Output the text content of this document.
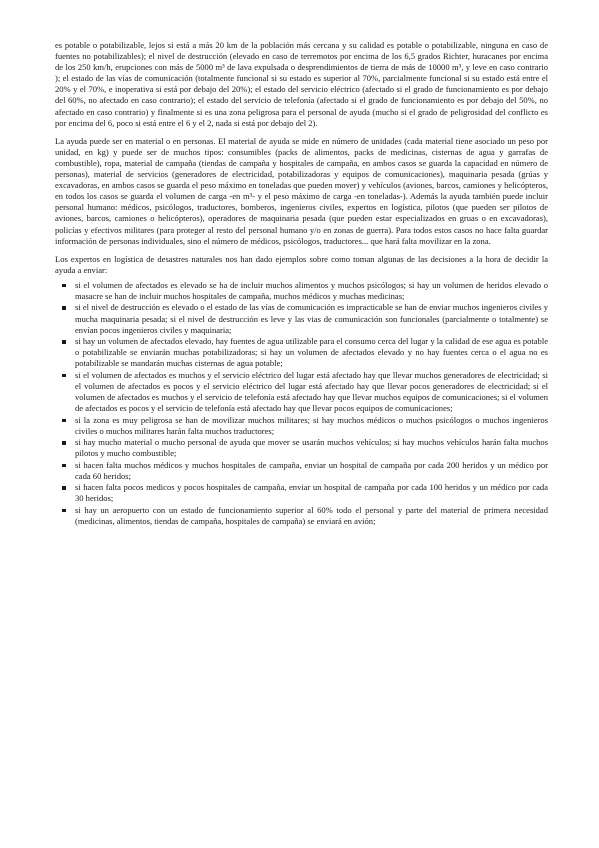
es potable o potabilizable, lejos si está a más 20 km de la población más cercana y su calidad es potable o potabilizable, ninguna en caso de fuentes no potabilizables); el nivel de destrucción (elevado en caso de terremotos por encima de los 6,5 grados Richter, huracanes por encima de los 250 km/h, erupciones con más de 5000 m³ de lava expulsada o desprendimientos de tierra de más de 10000 m³, y leve en caso contrario ); el estado de las vías de comunicación (totalmente funcional si su estado es superior al 70%, parcialmente funcional si su estado está entre el 20% y el 70%, e inoperativa si está por debajo del 20%); el estado del servicio eléctrico (afectado si el grado de funcionamiento es por debajo del 60%, no afectado en caso contrario); el estado del servicio de telefonía (afectado si el grado de funcionamiento es por debajo del 50%, no afectado en caso contrario) y finalmente si es una zona peligrosa para el personal de ayuda (mucho si el grado de peligrosidad del conflicto es por encima del 6, poco si está entre el 6 y el 2, nada si está por debajo del 2).

La ayuda puede ser en material o en personas. El material de ayuda se mide en número de unidades (cada material tiene asociado un peso por unidad, en kg) y puede ser de muchos tipos: consumibles (packs de alimentos, packs de medicinas, cisternas de agua y garrafas de combustible), ropa, material de campaña (tiendas de campaña y hospitales de campaña, en ambos casos se guarda la capacidad en número de personas), material de servicios (generadores de electricidad, potabilizadoras y equipos de comunicaciones), maquinaria pesada (grúas y excavadoras, en ambos casos se guarda el peso máximo en toneladas que pueden mover) y vehículos (aviones, barcos, camiones y helicópteros, en todos los casos se guarda el volumen de carga -en m³- y el peso máximo de carga -en toneladas-). Además la ayuda también puede incluir personal humano: médicos, psicólogos, traductores, bomberos, ingenieros civiles, expertos en logística, pilotos (que pueden ser pilotos de aviones, barcos, camiones o helicópteros), operadores de maquinaria pesada (que pueden estar especializados en gruas o en excavadoras), policías y efectivos militares (para proteger al resto del personal humano y/o en zonas de guerra). Para todos estos casos no hace falta guardar información de personas individuales, sino el número de médicos, psicólogos, traductores... que hará falta movilizar en la zona.

Los expertos en logística de desastres naturales nos han dado ejemplos sobre como toman algunas de las decisiones a la hora de decidir la ayuda a enviar:

si el volumen de afectados es elevado se ha de incluir muchos alimentos y muchos psicólogos; si hay un volumen de heridos elevado o masacre se han de incluir muchos hospitales de campaña, muchos médicos y muchas medicinas;
si el nivel de destrucción es elevado o el estado de las vías de comunicación es impracticable se han de enviar muchos ingenieros civiles y mucha maquinaria pesada; si el nivel de destrucción es leve y las vias de comunicación son funcionales (parcialmente o totalmente) se envían pocos ingenieros civiles y maquinaria;
si hay un volumen de afectados elevado, hay fuentes de agua utilizable para el consumo cerca del lugar y la calidad de ese agua es potable o potabilizable se enviarán muchas potabilizadoras; si hay un volumen de afectados elevado y no hay fuentes cerca o el agua no es potabilizable se mandarán muchas cisternas de agua potable;
si el volumen de afectados es muchos y el servicio eléctrico del lugar está afectado hay que llevar muchos generadores de electricidad; si el volumen de afectados es pocos y el servicio eléctrico del lugar está afectado hay que llevar pocos generadores de electricidad; si el volumen de afectados es muchos y el servicio de telefonía está afectado hay que llevar muchos equipos de comunicaciones; si el volumen de afectados es pocos y el servicio de telefonía está afectado hay que llevar pocos equipos de comunicaciones;
si la zona es muy peligrosa se han de movilizar muchos militares; si hay muchos médicos o muchos psicólogos o muchos ingenieros civiles o muchos militares harán falta muchos traductores;
si hay mucho material o mucho personal de ayuda que mover se usarán muchos vehículos; si hay muchos vehículos harán falta muchos pilotos y mucho combustible;
si hacen falta muchos médicos y muchos hospitales de campaña, enviar un hospital de campaña por cada 200 heridos y un médico por cada 60 heridos;
si hacen falta pocos medicos y pocos hospitales de campaña, enviar un hospital de campaña por cada 100 heridos y un médico por cada 30 heridos;
si hay un aeropuerto con un estado de funcionamiento superior al 60% todo el personal y parte del material de primera necesidad (medicinas, alimentos, tiendas de campaña, hospitales de campaña) se enviará en avión;
